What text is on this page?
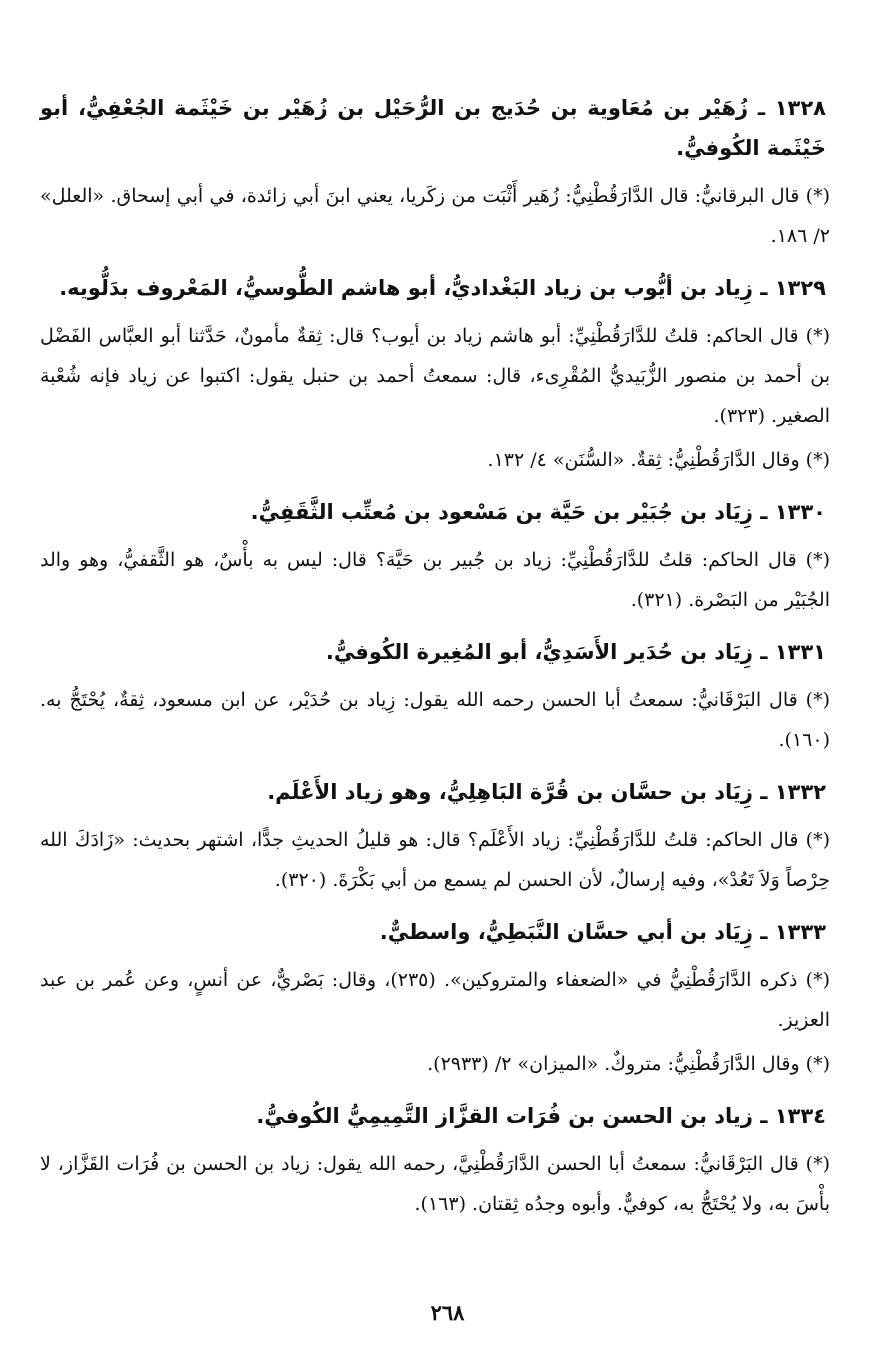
١٣٢٨ ـ زُهَيْر بن مُعَاوية بن حُدَيج بن الرُّحَيْل بن زُهَيْر بن خَيْثَمة الجُعْفِيُّ، أبو خَيْثَمة الكُوفيُّ.

(*) قال البرقانيُّ: قال الدَّارَقُطْنِيُّ: زُهَير أَثْبَت من زكَريا، يعني ابنَ أبي زائدة، في أبي إسحاق. «العلل» ٢/ ١٨٦.

١٣٢٩ ـ زِياد بن أيُّوب بن زياد البَغْداديُّ، أبو هاشم الطُّوسيُّ، المَعْروف بدَلُّويه.

(*) قال الحاكم: قلتُ للدَّارَقُطْنِيِّ: أبو هاشم زياد بن أيوب؟ قال: ثِقةٌ مأمونٌ، حَدَّثنا أبو العبَّاس الفَضْل بن أحمد بن منصور الزُّبَيديُّ المُقْرِىء، قال: سمعتُ أحمد بن حنبل يقول: اكتبوا عن زياد فإنه شُعْبة الصغير. (٣٢٣).

(*) وقال الدَّارَقُطْنِيُّ: ثِقةٌ. «السُّنَن» ٤/ ١٣٢.

١٣٣٠ ـ زِيَاد بن جُبَيْر بن حَيَّة بن مَسْعود بن مُعتِّب الثَّقَفِيُّ.

(*) قال الحاكم: قلتُ للدَّارَقُطْنِيِّ: زياد بن جُبير بن حَيَّة؟ قال: ليس به بأْسٌ، هو الثَّقفيُّ، وهو والد الجُبَيْر من البَصْرة. (٣٢١).

١٣٣١ ـ زِيَاد بن حُدَير الأَسَدِيُّ، أبو المُغِيرة الكُوفيُّ.

(*) قال البَرْقَانيُّ: سمعتُ أبا الحسن رحمه الله يقول: زِياد بن حُدَيْر، عن ابن مسعود، ثِقةٌ، يُحْتَجُّ به. (١٦٠).

١٣٣٢ ـ زِيَاد بن حسَّان بن قُرَّة البَاهِلِيُّ، وهو زياد الأَعْلَم.

(*) قال الحاكم: قلتُ للدَّارَقُطْنِيِّ: زياد الأَعْلَم؟ قال: هو قليلُ الحديثِ جدًّا، اشتهر بحديث: «زَادَكَ الله حِرْصاً وَلاَ تَعُدْ»، وفيه إرسالٌ، لأن الحسن لم يسمع من أبي بَكْرَةَ. (٣٢٠).

١٣٣٣ ـ زِيَاد بن أبي حسَّان النَّبَطِيُّ، واسطيٌّ.

(*) ذكره الدَّارَقُطْنِيُّ في «الضعفاء والمتروكين». (٢٣٥)، وقال: بَصْريٌّ، عن أنسٍ، وعن عُمر بن عبد العزيز.

(*) وقال الدَّارَقُطْنِيُّ: متروكٌ. «الميزان» ٢/ (٢٩٣٣).

١٣٣٤ ـ زياد بن الحسن بن فُرَات القزَّاز التَّمِيمِيُّ الكُوفيُّ.

(*) قال البَرْقَانيُّ: سمعتُ أبا الحسن الدَّارَقُطْنِيَّ، رحمه الله يقول: زياد بن الحسن بن فُرَات القَزَّاز، لا بأْسَ به، ولا يُحْتَجُّ به، كوفيٌّ. وأبوه وجدُه ثِقتان. (١٦٣).

٢٦٨
